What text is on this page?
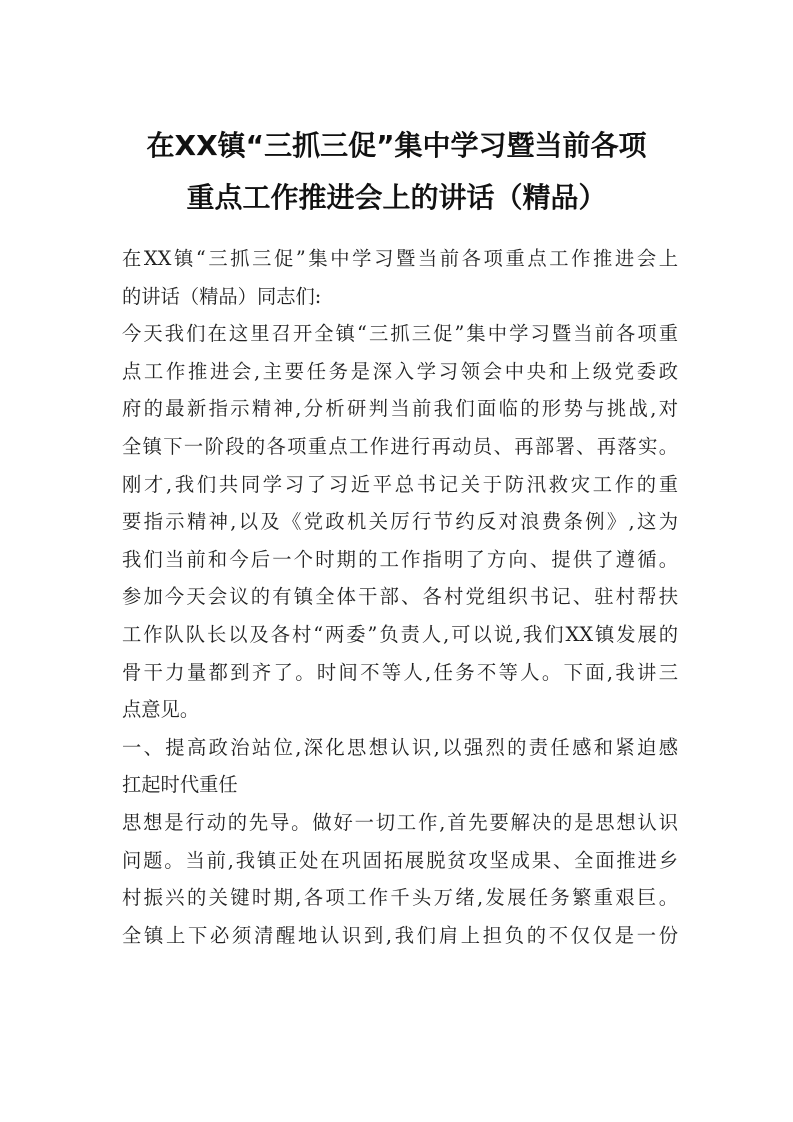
在XX镇“三抓三促”集中学习暨当前各项
重点工作推进会上的讲话（精品）

在XX镇“三抓三促”集中学习暨当前各项重点工作推进会上
的讲话（精品）同志们:

今天我们在这里召开全镇“三抓三促”集中学习暨当前各项重
点工作推进会,主要任务是深入学习领会中央和上级党委政
府的最新指示精神,分析研判当前我们面临的形势与挑战,对
全镇下一阶段的各项重点工作进行再动员、再部署、再落实。
刚才,我们共同学习了习近平总书记关于防汛救灾工作的重
要指示精神,以及《党政机关厉行节约反对浪费条例》,这为
我们当前和今后一个时期的工作指明了方向、提供了遵循。
参加今天会议的有镇全体干部、各村党组织书记、驻村帮扶
工作队队长以及各村“两委”负责人,可以说,我们XX镇发展的
骨干力量都到齐了。时间不等人,任务不等人。下面,我讲三
点意见。

一、提高政治站位,深化思想认识,以强烈的责任感和紧迫感
扛起时代重任

思想是行动的先导。做好一切工作,首先要解决的是思想认识
问题。当前,我镇正处在巩固拓展脱贫攻坚成果、全面推进乡
村振兴的关键时期,各项工作千头万绪,发展任务繁重艰巨。
全镇上下必须清醒地认识到,我们肩上担负的不仅仅是一份
